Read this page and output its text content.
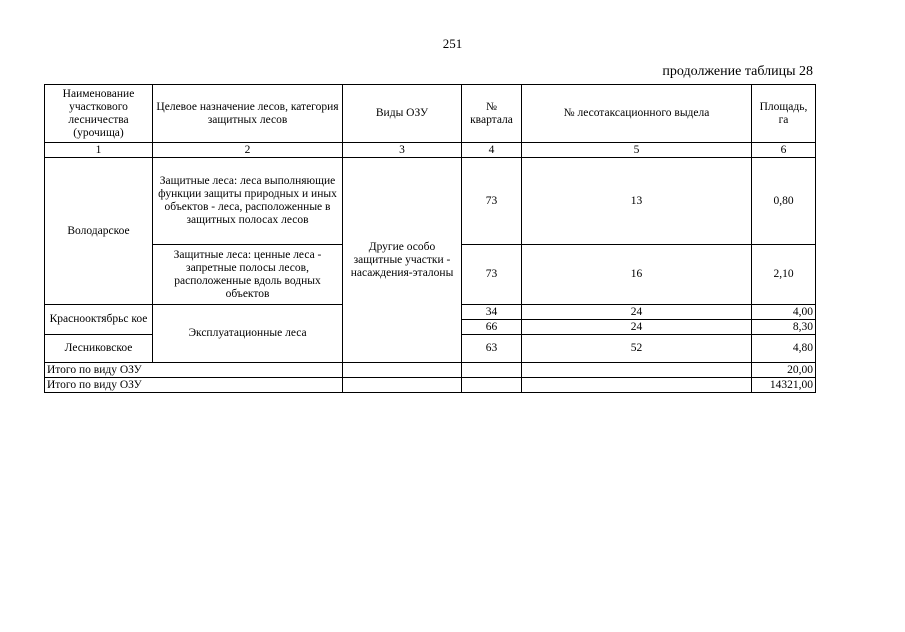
251
продолжение таблицы 28
Наименование участкового лесничества (урочища)	Целевое назначение лесов, категория защитных лесов	Виды ОЗУ	№ квартала	№ лесотаксационного выдела	Площадь, га
1	2	3	4	5	6
Володарское	Защитные леса: леса выполняющие функции защиты природных и иных объектов - леса, расположенные в защитных полосах лесов	Другие особо защитные участки - насаждения-эталоны	73	13	0,80
	Защитные леса: ценные леса - запретные полосы лесов, расположенные вдоль водных объектов		73	16	2,10
Краснооктябрьс кое	Эксплуатационные леса		34	24	4,00
			66	24	8,30
Лесниковское			63	52	4,80
Итого по виду ОЗУ					20,00
Итого по виду ОЗУ					14321,00
